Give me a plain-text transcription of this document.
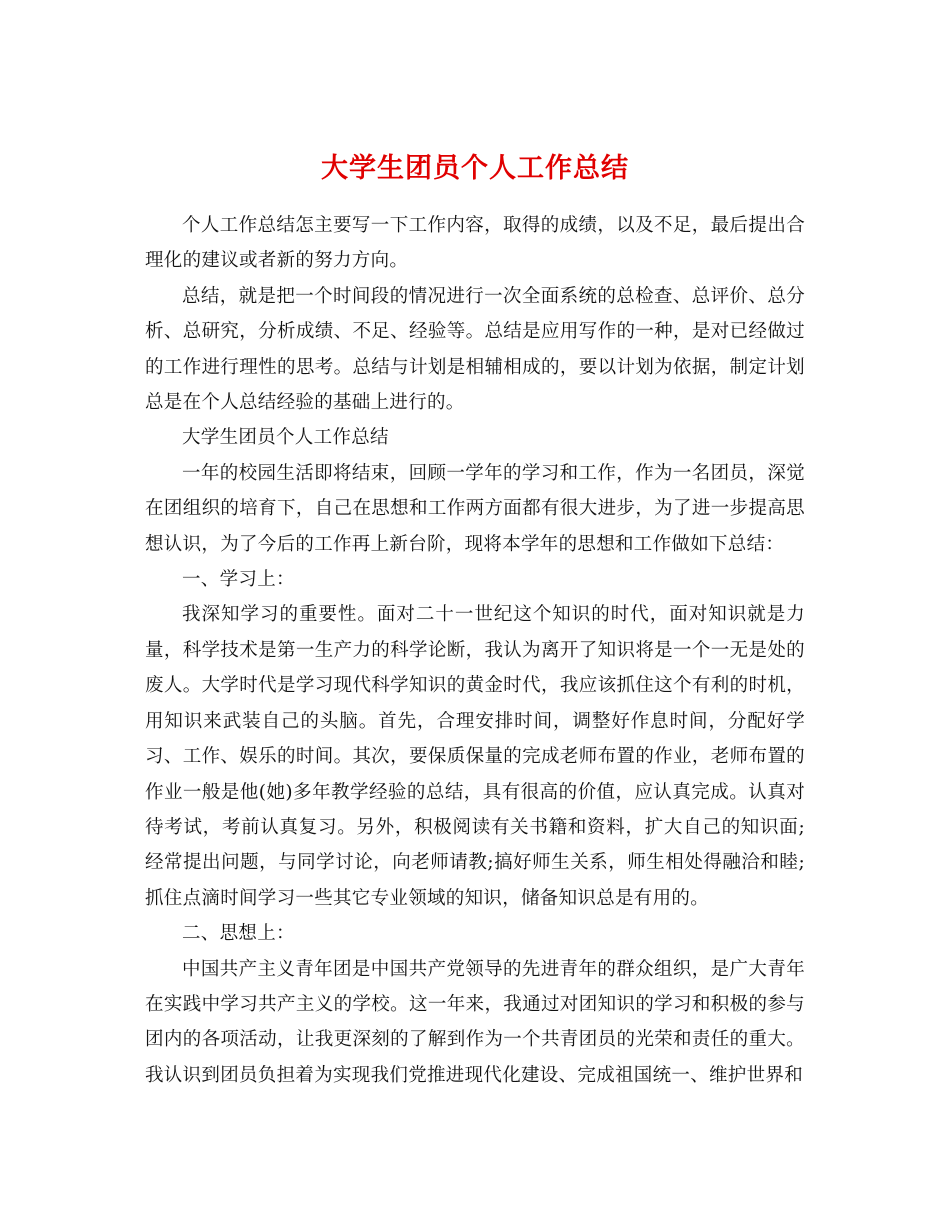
大学生团员个人工作总结

个人工作总结怎主要写一下工作内容，取得的成绩，以及不足，最后提出合理化的建议或者新的努力方向。

总结，就是把一个时间段的情况进行一次全面系统的总检查、总评价、总分析、总研究，分析成绩、不足、经验等。总结是应用写作的一种，是对已经做过的工作进行理性的思考。总结与计划是相辅相成的，要以计划为依据，制定计划总是在个人总结经验的基础上进行的。

大学生团员个人工作总结

一年的校园生活即将结束，回顾一学年的学习和工作，作为一名团员，深觉在团组织的培育下，自己在思想和工作两方面都有很大进步，为了进一步提高思想认识，为了今后的工作再上新台阶，现将本学年的思想和工作做如下总结：

一、学习上：

我深知学习的重要性。面对二十一世纪这个知识的时代，面对知识就是力量，科学技术是第一生产力的科学论断，我认为离开了知识将是一个一无是处的废人。大学时代是学习现代科学知识的黄金时代，我应该抓住这个有利的时机，用知识来武装自己的头脑。首先，合理安排时间，调整好作息时间，分配好学习、工作、娱乐的时间。其次，要保质保量的完成老师布置的作业，老师布置的作业一般是他(她)多年教学经验的总结，具有很高的价值，应认真完成。认真对待考试，考前认真复习。另外，积极阅读有关书籍和资料，扩大自己的知识面;经常提出问题，与同学讨论，向老师请教;搞好师生关系，师生相处得融洽和睦;抓住点滴时间学习一些其它专业领域的知识，储备知识总是有用的。

二、思想上：

中国共产主义青年团是中国共产党领导的先进青年的群众组织，是广大青年在实践中学习共产主义的学校。这一年来，我通过对团知识的学习和积极的参与团内的各项活动，让我更深刻的了解到作为一个共青团员的光荣和责任的重大。我认识到团员负担着为实现我们党推进现代化建设、完成祖国统一、维护世界和
